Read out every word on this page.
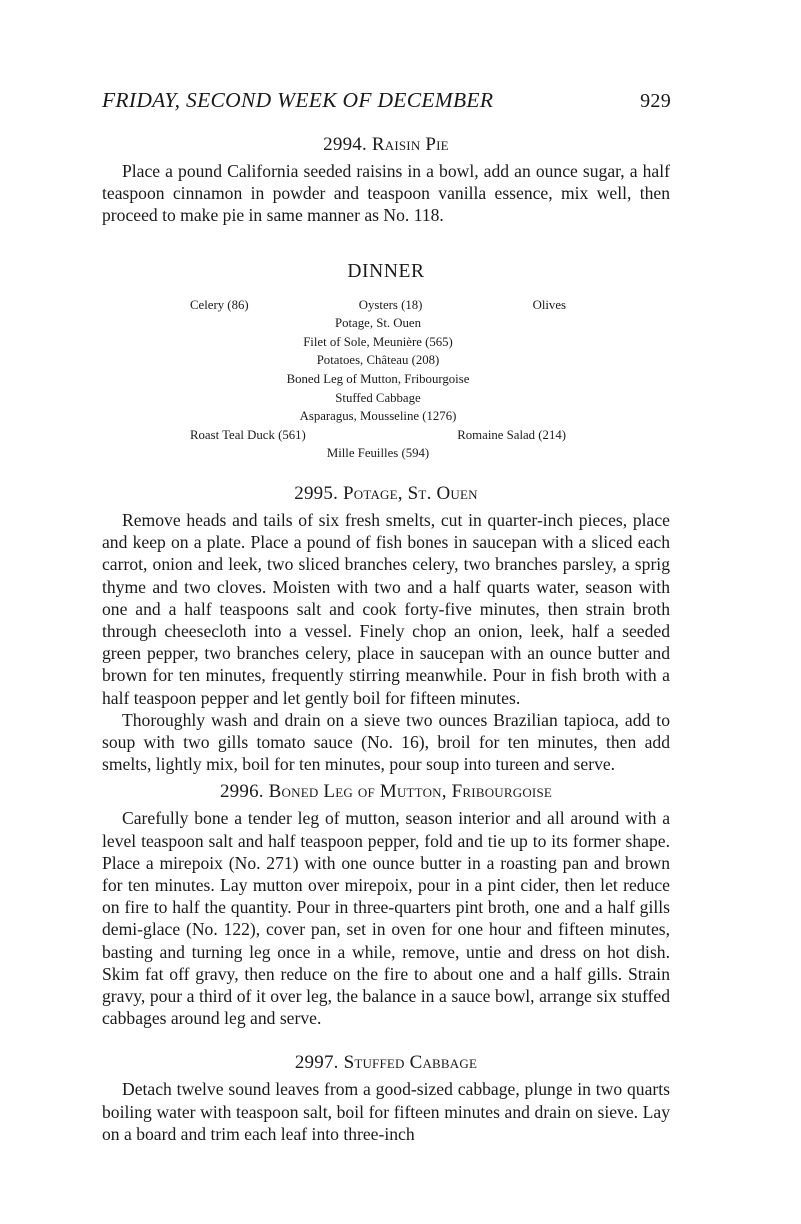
FRIDAY, SECOND WEEK OF DECEMBER	929
2994. Raisin Pie

Place a pound California seeded raisins in a bowl, add an ounce sugar, a half teaspoon cinnamon in powder and teaspoon vanilla essence, mix well, then proceed to make pie in same manner as No. 118.

DINNER
Celery (86)	Oysters (18)	Olives
Potage, St. Ouen
Filet of Sole, Meunière (565)
Potatoes, Château (208)
Boned Leg of Mutton, Fribourgoise
Stuffed Cabbage
Asparagus, Mousseline (1276)
Roast Teal Duck (561)	Romaine Salad (214)
Mille Feuilles (594)
2995. Potage, St. Ouen

Remove heads and tails of six fresh smelts, cut in quarter-inch pieces, place and keep on a plate. Place a pound of fish bones in saucepan with a sliced each carrot, onion and leek, two sliced branches celery, two branches parsley, a sprig thyme and two cloves. Moisten with two and a half quarts water, season with one and a half teaspoons salt and cook forty-five minutes, then strain broth through cheesecloth into a vessel. Finely chop an onion, leek, half a seeded green pepper, two branches celery, place in saucepan with an ounce butter and brown for ten minutes, frequently stirring meanwhile. Pour in fish broth with a half teaspoon pepper and let gently boil for fifteen minutes.

Thoroughly wash and drain on a sieve two ounces Brazilian tapioca, add to soup with two gills tomato sauce (No. 16), broil for ten minutes, then add smelts, lightly mix, boil for ten minutes, pour soup into tureen and serve.

2996. Boned Leg of Mutton, Fribourgoise

Carefully bone a tender leg of mutton, season interior and all around with a level teaspoon salt and half teaspoon pepper, fold and tie up to its former shape. Place a mirepoix (No. 271) with one ounce butter in a roasting pan and brown for ten minutes. Lay mutton over mirepoix, pour in a pint cider, then let reduce on fire to half the quantity. Pour in three-quarters pint broth, one and a half gills demi-glace (No. 122), cover pan, set in oven for one hour and fifteen minutes, basting and turning leg once in a while, remove, untie and dress on hot dish. Skim fat off gravy, then reduce on the fire to about one and a half gills. Strain gravy, pour a third of it over leg, the balance in a sauce bowl, arrange six stuffed cabbages around leg and serve.

2997. Stuffed Cabbage

Detach twelve sound leaves from a good-sized cabbage, plunge in two quarts boiling water with teaspoon salt, boil for fifteen minutes and drain on sieve. Lay on a board and trim each leaf into three-inch
